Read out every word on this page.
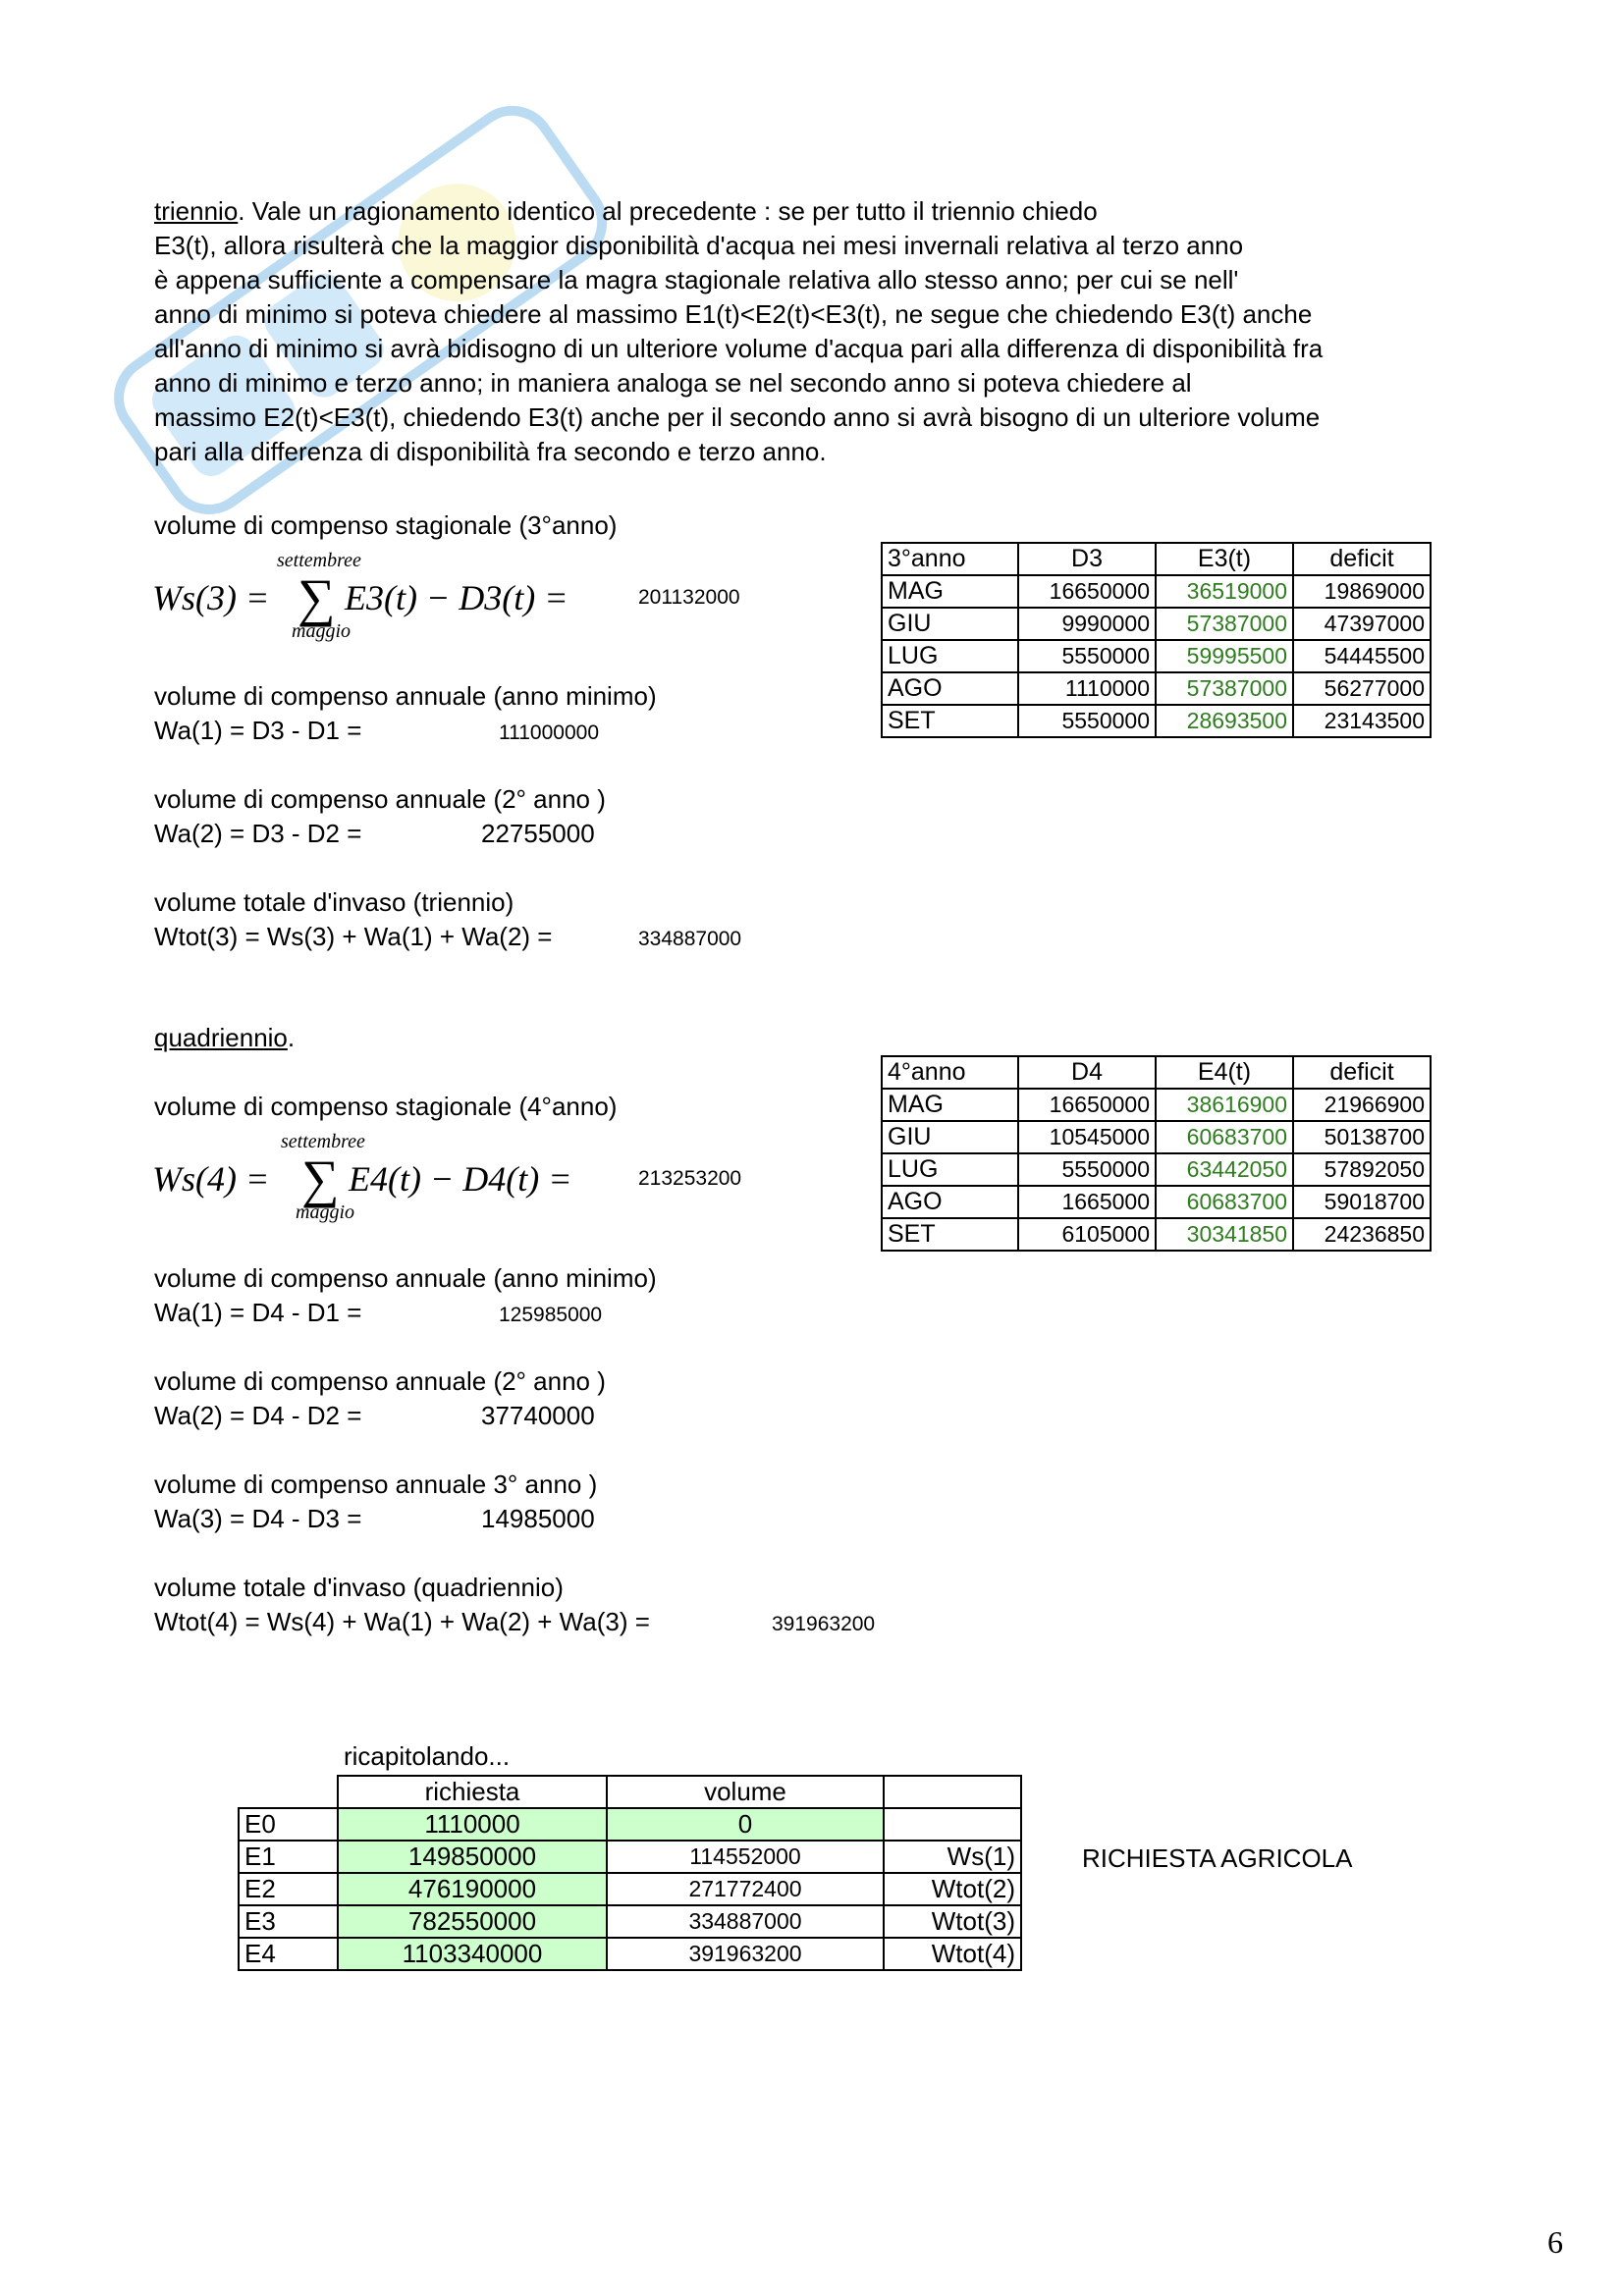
triennio. Vale un ragionamento identico al precedente : se per tutto il triennio chiedo
E3(t), allora risulterà che la maggior disponibilità d'acqua nei mesi invernali relativa al terzo anno
è appena sufficiente a compensare la magra stagionale relativa allo stesso anno; per cui se nell'
anno di minimo si poteva chiedere al massimo E1(t)<E2(t)<E3(t), ne segue che chiedendo E3(t) anche
all'anno di minimo si avrà bidisogno di un ulteriore volume d'acqua pari alla differenza di disponibilità fra
anno di minimo e terzo anno; in maniera analoga se nel secondo anno si poteva chiedere al
massimo E2(t)<E3(t), chiedendo E3(t) anche per il secondo anno si avrà bisogno di un ulteriore volume
pari alla differenza di disponibilità fra secondo e terzo anno.
volume di compenso stagionale (3°anno)
Ws(3) =
settembree
∑ E3(t) − D3(t) =
maggio
201132000
volume di compenso annuale (anno minimo)
Wa(1) = D3 - D1 =	111000000
volume di compenso annuale (2° anno )
Wa(2) = D3 - D2 =	22755000
volume totale d'invaso (triennio)
Wtot(3) = Ws(3) + Wa(1) + Wa(2) =	334887000
3°anno	D3	E3(t)	deficit
MAG	16650000	36519000	19869000
GIU	9990000	57387000	47397000
LUG	5550000	59995500	54445500
AGO	1110000	57387000	56277000
SET	5550000	28693500	23143500
quadriennio.
volume di compenso stagionale (4°anno)
Ws(4) =
settembree
∑ E4(t) − D4(t) =
maggio
213253200
volume di compenso annuale (anno minimo)
Wa(1) = D4 - D1 =	125985000
volume di compenso annuale (2° anno )
Wa(2) = D4 - D2 =	37740000
volume di compenso annuale 3° anno )
Wa(3) = D4 - D3 =	14985000
volume totale d'invaso (quadriennio)
Wtot(4) = Ws(4) + Wa(1) + Wa(2) + Wa(3) =	391963200
4°anno	D4	E4(t)	deficit
MAG	16650000	38616900	21966900
GIU	10545000	60683700	50138700
LUG	5550000	63442050	57892050
AGO	1665000	60683700	59018700
SET	6105000	30341850	24236850
ricapitolando...
	richiesta	volume	
E0	1110000	0	
E1	149850000	114552000	Ws(1)
E2	476190000	271772400	Wtot(2)
E3	782550000	334887000	Wtot(3)
E4	1103340000	391963200	Wtot(4)
RICHIESTA AGRICOLA
6
